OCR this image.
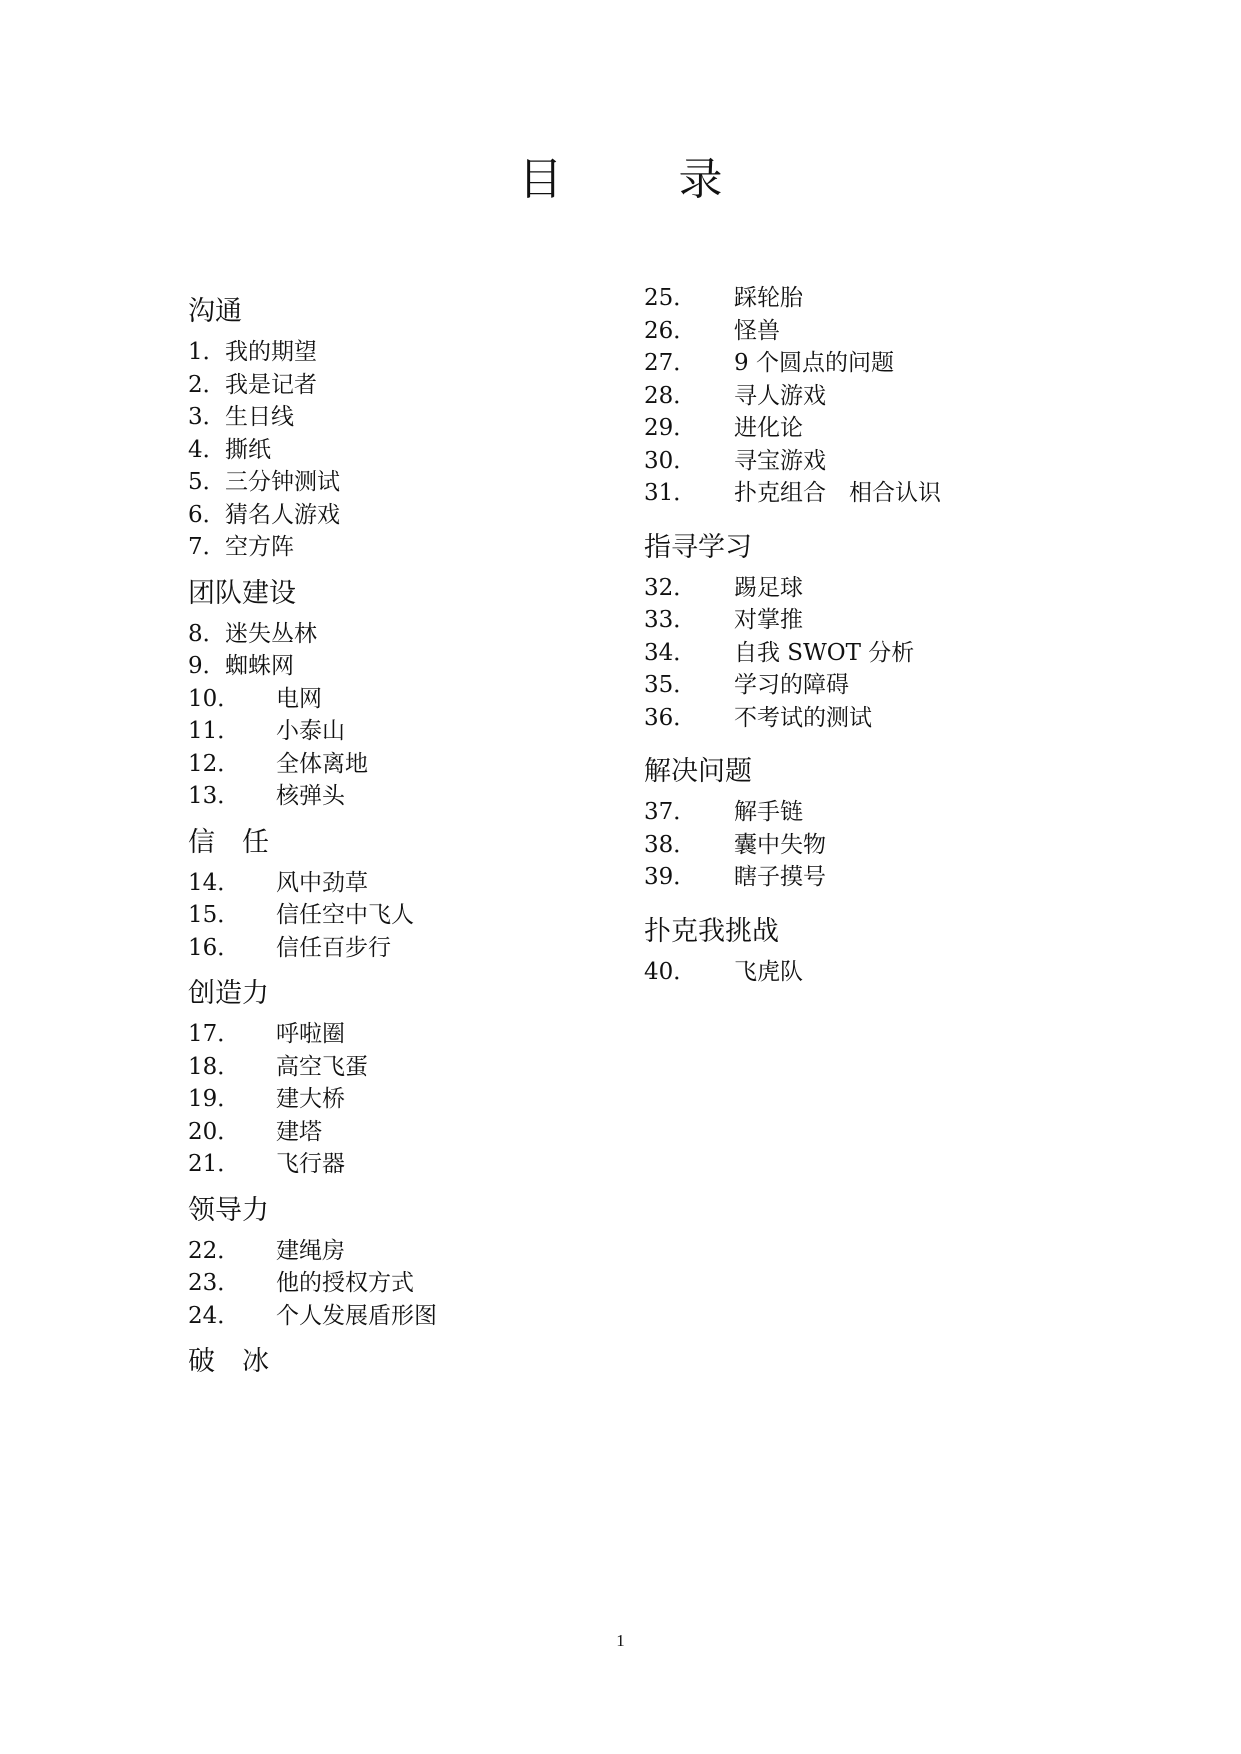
目　录
沟通
1． 我的期望
2． 我是记者
3． 生日线
4． 撕纸
5． 三分钟测试
6． 猜名人游戏
7． 空方阵
团队建设
8． 迷失丛林
9． 蜘蛛网
10．	电网
11．	小泰山
12．	全体离地
13．	核弹头
信　任
14．	风中劲草
15．	信任空中飞人
16．	信任百步行
创造力
17．	呼啦圈
18．	高空飞蛋
19．	建大桥
20．	建塔
21．	飞行器
领导力
22．	建绳房
23．	他的授权方式
24．	个人发展盾形图
破　冰
25．	踩轮胎
26．	怪兽
27．	9 个圆点的问题
28．	寻人游戏
29．	进化论
30．	寻宝游戏
31．	扑克组合　相合认识
指寻学习
32．	踢足球
33．	对掌推
34．	自我 SWOT 分析
35．	学习的障碍
36．	不考试的测试
解决问题
37．	解手链
38．	囊中失物
39．	瞎子摸号
扑克我挑战
40．	飞虎队
1
